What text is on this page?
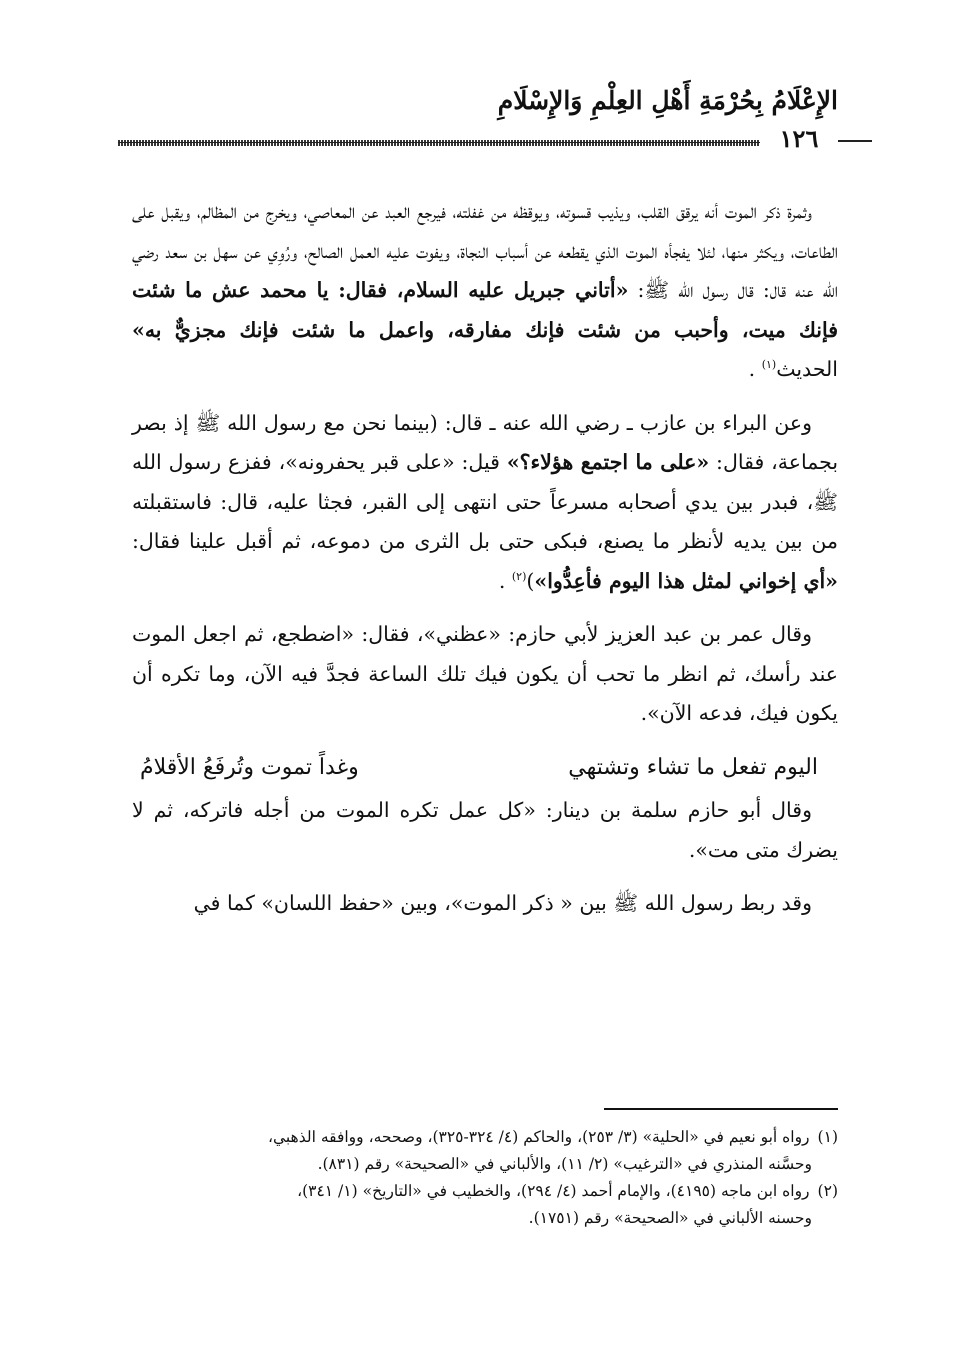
الإِعْلَامُ بِحُرْمَةِ أَهْلِ العِلْمِ وَالإِسْلَامِ
١٢٦

وثمرة ذكر الموت أنه يرقق القلب، ويذيب قسوته، ويوقظه من غفلته، فيرجع العبد عن المعاصي، ويخرج من المظالم، ويقبل على الطاعات، ويكثر منها، لئلا يفجأه الموت الذي يقطعه عن أسباب النجاة، ويفوت عليه العمل الصالح، ورُوِي عن سهل بن سعد رضي الله عنه قال: قال رسول الله ﷺ: «أتاني جبريل عليه السلام، فقال: يا محمد عش ما شئت فإنك ميت، وأحبب من شئت فإنك مفارقه، واعمل ما شئت فإنك مجزيٌّ به» الحديث$^{(١)}$ .

وعن البراء بن عازب ـ رضي الله عنه ـ قال: (بينما نحن مع رسول الله ﷺ إذ بصر بجماعة، فقال: «على ما اجتمع هؤلاء؟» قيل: «على قبر يحفرونه»، ففزع رسول الله ﷺ، فبدر بين يدي أصحابه مسرعاً حتى انتهى إلى القبر، فجثا عليه، قال: فاستقبلته من بين يديه لأنظر ما يصنع، فبكى حتى بل الثرى من دموعه، ثم أقبل علينا فقال: «أي إخواني لمثل هذا اليوم فأعِدُّوا»)$^{(٢)}$ .

وقال عمر بن عبد العزيز لأبي حازم: «عظني»، فقال: «اضطجع، ثم اجعل الموت عند رأسك، ثم انظر ما تحب أن يكون فيك تلك الساعة فجدَّ فيه الآن، وما تكره أن يكون فيك، فدعه الآن».

اليوم تفعل ما تشاء وتشتهي
وغداً تموت وتُرفَعُ الأقلامُ

وقال أبو حازم سلمة بن دينار: «كل عمل تكره الموت من أجله فاتركه، ثم لا يضرك متى مت».

وقد ربط رسول الله ﷺ بين « ذكر الموت»، وبين «حفظ اللسان» كما في

(١)رواه أبو نعيم في «الحلية» (٣/ ٢٥٣)، والحاكم (٤/ ٣٢٤-٣٢٥)، وصححه، ووافقه الذهبي،
وحسَّنه المنذري في «الترغيب» (٢/ ١١)، والألباني في «الصحيحة» رقم (٨٣١).

(٢)رواه ابن ماجه (٤١٩٥)، والإمام أحمد (٤/ ٢٩٤)، والخطيب في «التاريخ» (١/ ٣٤١)،
وحسنه الألباني في «الصحيحة» رقم (١٧٥١).
